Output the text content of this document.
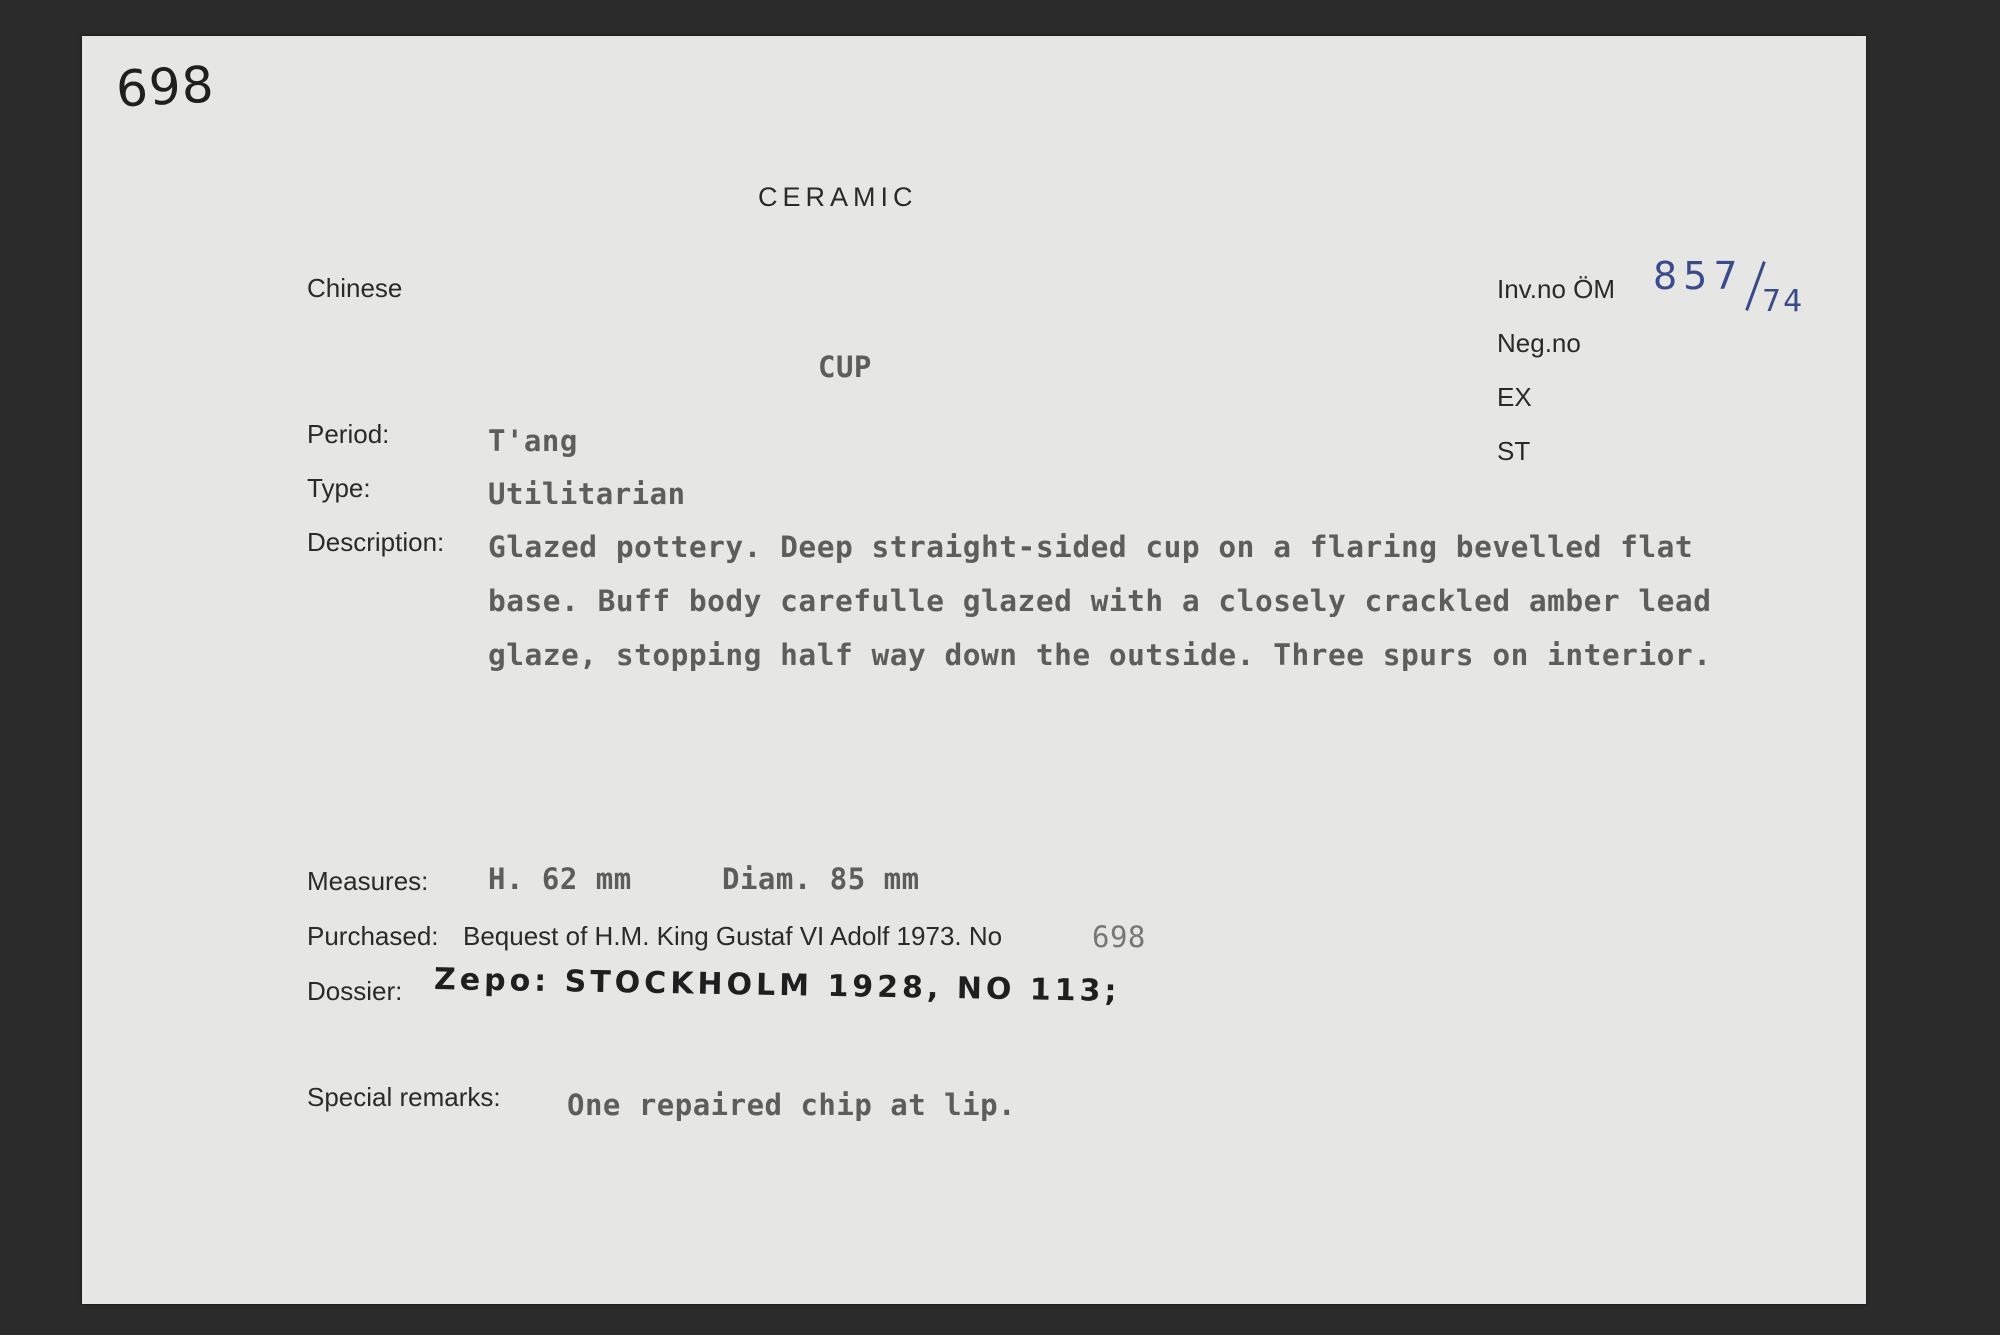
698
CERAMIC
Chinese
CUP
Inv.no ÖM 857
74
Neg.no
EX
ST
Period:	T'ang
Type:	Utilitarian
Description: Glazed pottery. Deep straight-sided cup on a flaring bevelled flat
base. Buff body carefulle glazed with a closely crackled amber lead
glaze, stopping half way down the outside. Three spurs on interior.
Measures: H. 62 mm	Diam. 85 mm
Purchased: Bequest of H.M. King Gustaf VI Adolf 1973. No	698
Dossier: Zepo: STOCKHOLM 1928, NO 113;
Special remarks: One repaired chip at lip.
